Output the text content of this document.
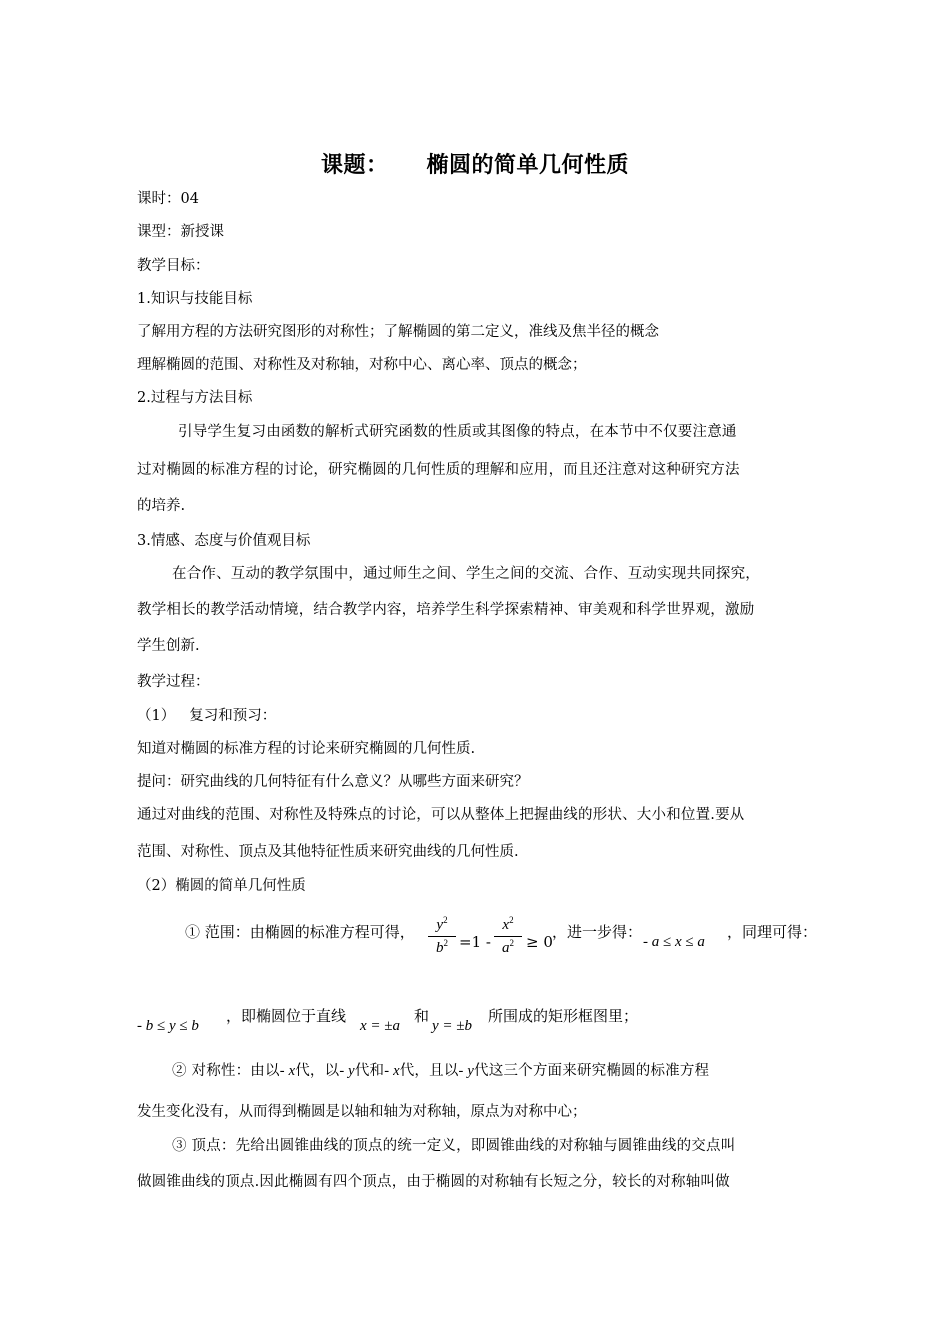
课题： 椭圆的简单几何性质
课时：04
课型：新授课
教学目标：
1.知识与技能目标
了解用方程的方法研究图形的对称性；了解椭圆的第二定义，准线及焦半径的概念
理解椭圆的范围、对称性及对称轴，对称中心、离心率、顶点的概念；
2.过程与方法目标
引导学生复习由函数的解析式研究函数的性质或其图像的特点，在本节中不仅要注意通
过对椭圆的标准方程的讨论，研究椭圆的几何性质的理解和应用，而且还注意对这种研究方法
的培养.
3.情感、态度与价值观目标
在合作、互动的教学氛围中，通过师生之间、学生之间的交流、合作、互动实现共同探究，
教学相长的教学活动情境，结合教学内容，培养学生科学探索精神、审美观和科学世界观，激励
学生创新.
教学过程：
（1） 复习和预习：
知道对椭圆的标准方程的讨论来研究椭圆的几何性质.
提问：研究曲线的几何特征有什么意义？从哪些方面来研究？
通过对曲线的范围、对称性及特殊点的讨论，可以从整体上把握曲线的形状、大小和位置.要从
范围、对称性、顶点及其他特征性质来研究曲线的几何性质.
（2）椭圆的简单几何性质
① 范围：由椭圆的标准方程可得，	$y^2$
$b^2 =1$ -
$x^2$
$a^2 \ge 0$
，进一步得：
- a ≤ x ≤ a
，同理可得：
- b ≤ y ≤ b
，即椭圆位于直线
x = ±a
和
y = ±b
所围成的矩形框图里；
② 对称性：由以- x代，以- y代和- x代，且以- y代这三个方面来研究椭圆的标准方程
发生变化没有，从而得到椭圆是以轴和轴为对称轴，原点为对称中心；
③ 顶点：先给出圆锥曲线的顶点的统一定义，即圆锥曲线的对称轴与圆锥曲线的交点叫
做圆锥曲线的顶点.因此椭圆有四个顶点，由于椭圆的对称轴有长短之分，较长的对称轴叫做
